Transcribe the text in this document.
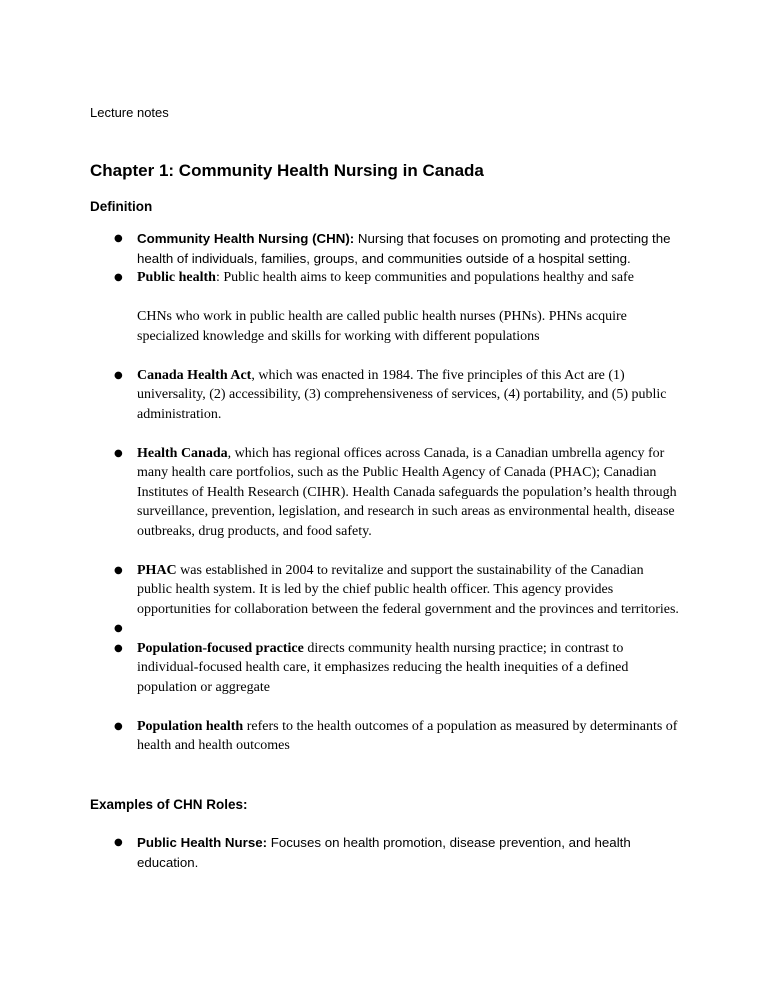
Lecture notes

Chapter 1: Community Health Nursing in Canada
Definition
● Community Health Nursing (CHN): Nursing that focuses on promoting and protecting the health of individuals, families, groups, and communities outside of a hospital setting.
● Public health: Public health aims to keep communities and populations healthy and safe
CHNs who work in public health are called public health nurses (PHNs). PHNs acquire specialized knowledge and skills for working with different populations
● Canada Health Act, which was enacted in 1984. The five principles of this Act are (1) universality, (2) accessibility, (3) comprehensiveness of services, (4) portability, and (5) public administration.
● Health Canada, which has regional offices across Canada, is a Canadian umbrella agency for many health care portfolios, such as the Public Health Agency of Canada (PHAC); Canadian Institutes of Health Research (CIHR). Health Canada safeguards the population’s health through surveillance, prevention, legislation, and research in such areas as environmental health, disease outbreaks, drug products, and food safety.
● PHAC was established in 2004 to revitalize and support the sustainability of the Canadian public health system. It is led by the chief public health officer. This agency provides opportunities for collaboration between the federal government and the provinces and territories.
●
● Population-focused practice directs community health nursing practice; in contrast to individual-focused health care, it emphasizes reducing the health inequities of a defined population or aggregate
● Population health refers to the health outcomes of a population as measured by determinants of health and health outcomes
Examples of CHN Roles:
● Public Health Nurse: Focuses on health promotion, disease prevention, and health education.
